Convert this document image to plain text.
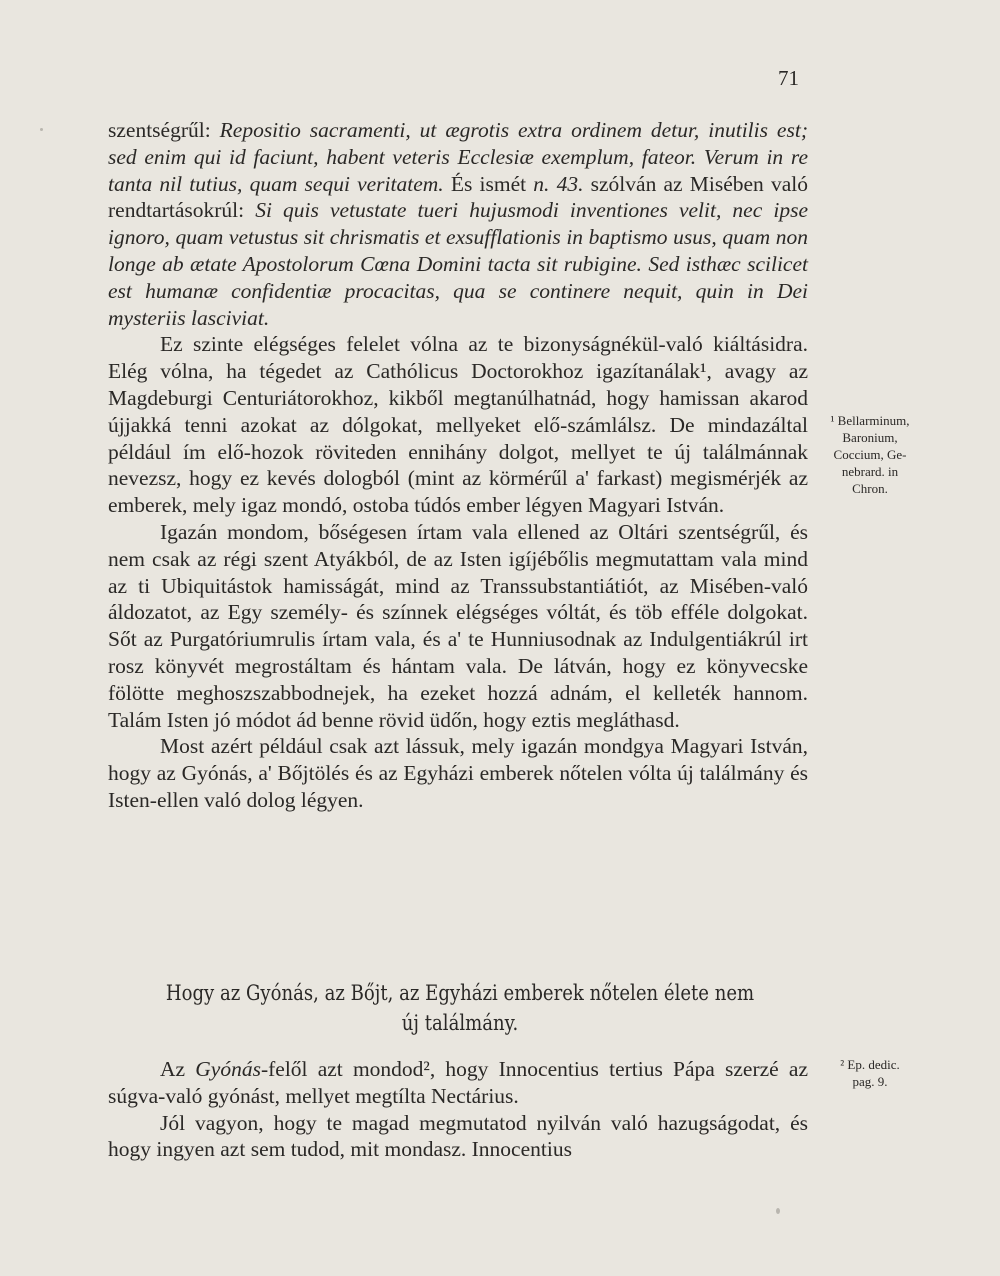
71

szentségrűl: Repositio sacramenti, ut ægrotis extra ordinem detur, inutilis est; sed enim qui id faciunt, habent veteris Ecclesiæ exemplum, fateor. Verum in re tanta nil tutius, quam sequi veritatem. És ismét n. 43. szólván az Misében való rendtartásokrúl: Si quis vetustate tueri hujusmodi inventiones velit, nec ipse ignoro, quam vetustus sit chrismatis et exsufflationis in baptismo usus, quam non longe ab ætate Apostolorum Cœna Domini tacta sit rubigine. Sed isthæc scilicet est humanæ confidentiæ procacitas, qua se continere nequit, quin in Dei mysteriis lasciviat.

Ez szinte elégséges felelet vólna az te bizonyságnékül-való kiáltásidra. Elég vólna, ha tégedet az Cathólicus Doctorokhoz igazítanálak¹, avagy az Magdeburgi Centuriátorokhoz, kikből megtanúlhatnád, hogy hamissan akarod újjakká tenni azokat az dólgokat, mellyeket elő-számlálsz. De mindazáltal például ím elő-hozok röviteden ennihány dolgot, mellyet te új találmánnak nevezsz, hogy ez kevés dologból (mint az körmérűl a' farkast) megismérjék az emberek, mely igaz mondó, ostoba túdós ember légyen Magyari István.

Igazán mondom, bőségesen írtam vala ellened az Oltári szentségrűl, és nem csak az régi szent Atyákból, de az Isten igíjébőlis megmutattam vala mind az ti Ubiquitástok hamisságát, mind az Transsubstantiátiót, az Misében-való áldozatot, az Egy személy- és színnek elégséges vóltát, és töb efféle dolgokat. Sőt az Purgatóriumrulis írtam vala, és a' te Hunniusodnak az Indulgentiákrúl irt rosz könyvét megrostáltam és hántam vala. De látván, hogy ez könyvecske fölötte meghoszszabbodnejek, ha ezeket hozzá adnám, el kelleték hannom. Talám Isten jó módot ád benne rövid üdőn, hogy eztis megláthasd.

Most azért például csak azt lássuk, mely igazán mondgya Magyari István, hogy az Gyónás, a' Bőjtölés és az Egyházi emberek nőtelen vólta új találmány és Isten-ellen való dolog légyen.

Hogy az Gyónás, az Bőjt, az Egyházi emberek nőtelen élete nem
új találmány.

Az Gyónás-felől azt mondod², hogy Innocentius tertius Pápa szerzé az súgva-való gyónást, mellyet megtílta Nectárius.

Jól vagyon, hogy te magad megmutatod nyilván való hazugságodat, és hogy ingyen azt sem tudod, mit mondasz. Innocentius

¹ Bellarminum,
Baronium,
Coccium, Ge-
nebrard. in
Chron.
² Ep. dedic.
pag. 9.
